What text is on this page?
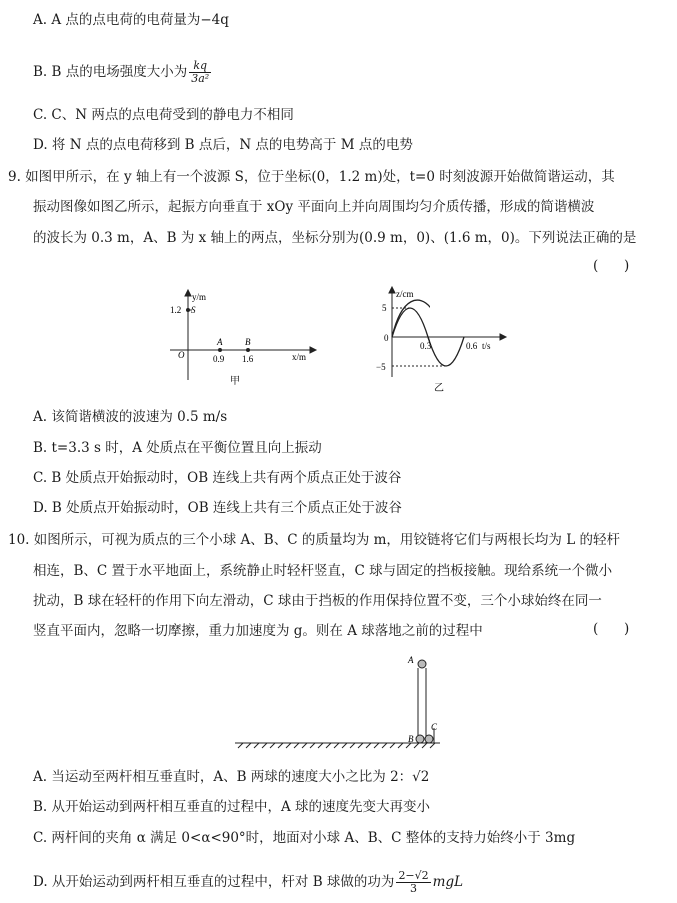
A. A 点的点电荷的电荷量为−4q
B. B 点的电场强度大小为 $\frac{kq}{\text{3a²}}$
C. C、N 两点的点电荷受到的静电力不相同
D. 将 N 点的点电荷移到 B 点后，N 点的电势高于 M 点的电势
9. 如图甲所示，在 y 轴上有一个波源 S，位于坐标(0，1.2 m)处，t=0 时刻波源开始做简谐运动，其
振动图像如图乙所示，起振方向垂直于 xOy 平面向上并向周围均匀介质传播，形成的简谐横波
的波长为 0.3 m，A、B 为 x 轴上的两点，坐标分别为(0.9 m，0)、(1.6 m，0)。下列说法正确的是
(      )
y/m
1.2 S
O
A	B
0.9 1.6	x/m
甲
z/cm
5
0
−5
0.3	0.6 t/s
乙
A. 该简谐横波的波速为 0.5 m/s
B. t=3.3 s 时，A 处质点在平衡位置且向上振动
C. B 处质点开始振动时，OB 连线上共有两个质点正处于波谷
D. B 处质点开始振动时，OB 连线上共有三个质点正处于波谷
10. 如图所示，可视为质点的三个小球 A、B、C 的质量均为 m，用铰链将它们与两根长均为 L 的轻杆
相连，B、C 置于水平地面上，系统静止时轻杆竖直，C 球与固定的挡板接触。现给系统一个微小
扰动，B 球在轻杆的作用下向左滑动，C 球由于挡板的作用保持位置不变，三个小球始终在同一
竖直平面内，忽略一切摩擦，重力加速度为 g。则在 A 球落地之前的过程中	(      )
A
B
C
A. 当运动至两杆相互垂直时，A、B 两球的速度大小之比为 2：√2
B. 从开始运动到两杆相互垂直的过程中，A 球的速度先变大再变小
C. 两杆间的夹角 α 满足 0<α<90°时，地面对小球 A、B、C 整体的支持力始终小于 3mg
D. 从开始运动到两杆相互垂直的过程中，杆对 B 球做的功为 $\frac{2-√2}{3}$ mgL
